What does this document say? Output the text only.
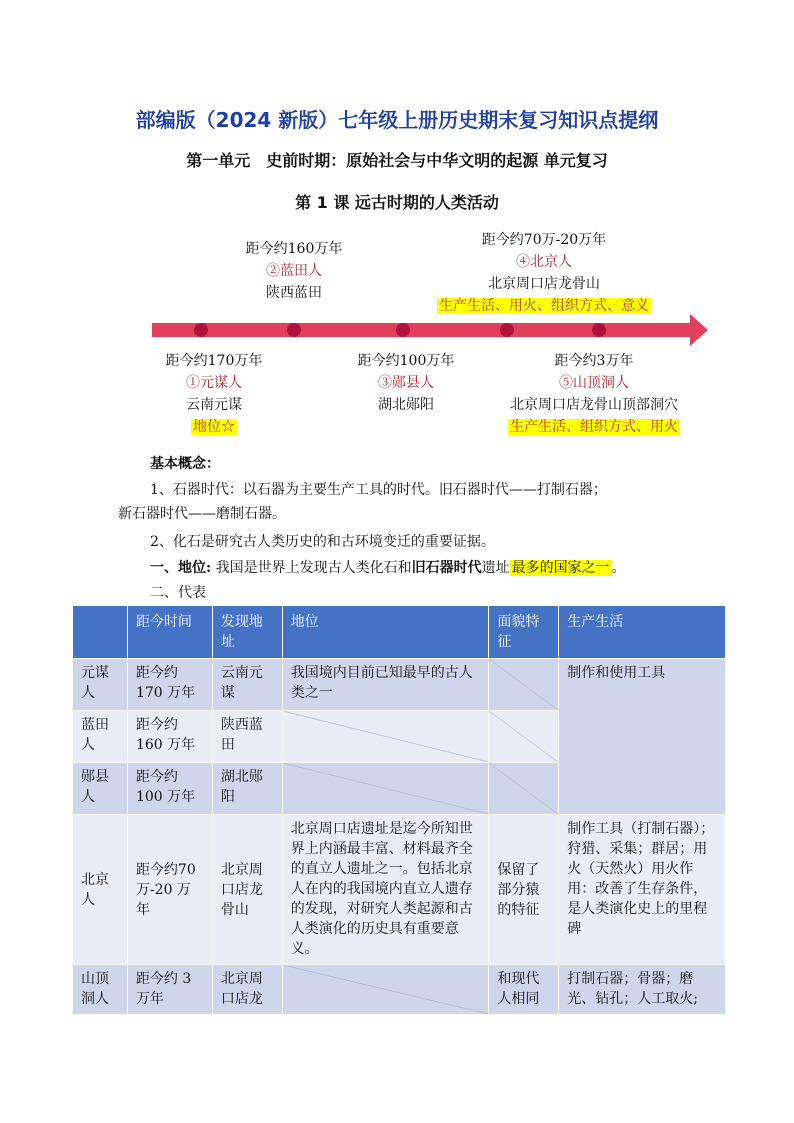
部编版（2024 新版）七年级上册历史期末复习知识点提纲
第一单元　史前时期：原始社会与中华文明的起源 单元复习
第 1 课 远古时期的人类活动
距今约160万年
②蓝田人
陕西蓝田
距今约70万-20万年
④北京人
北京周口店龙骨山
生产生活、用火、组织方式、意义
距今约170万年
①元谋人
云南元谋
地位☆
距今约100万年
③郧县人
湖北郧阳
距今约3万年
⑤山顶洞人
北京周口店龙骨山顶部洞穴
生产生活、组织方式、用火
基本概念：
1、石器时代：以石器为主要生产工具的时代。旧石器时代——打制石器；
新石器时代——磨制石器。
2、化石是研究古人类历史的和古环境变迁的重要证据。
一、地位: 我国是世界上发现古人类化石和旧石器时代遗址 最多的国家之一 。
二、代表
	距今时间	发现地址	地位	面貌特征	生产生活
元谋人	距今约 170 万年	云南元谋	我国境内目前已知最早的古人类之一		制作和使用工具
蓝田人	距今约 160 万年	陕西蓝田	

郧县人	距今约 100 万年	湖北郧阳	

北京人	距今约70 万-20 万年	北京周口店龙骨山	北京周口店遗址是迄今所知世界上内涵最丰富、材料最齐全的直立人遗址之一。包括北京人在内的我国境内直立人遗存的发现，对研究人类起源和古人类演化的历史具有重要意义。	保留了部分猿的特征	制作工具（打制石器）；狩猎、采集；群居；用火（天然火）用火作用：改善了生存条件，是人类演化史上的里程碑
山顶洞人	距今约 3 万年	北京周口店龙		和现代人相同	打制石器；骨器；磨光、钻孔；人工取火;
